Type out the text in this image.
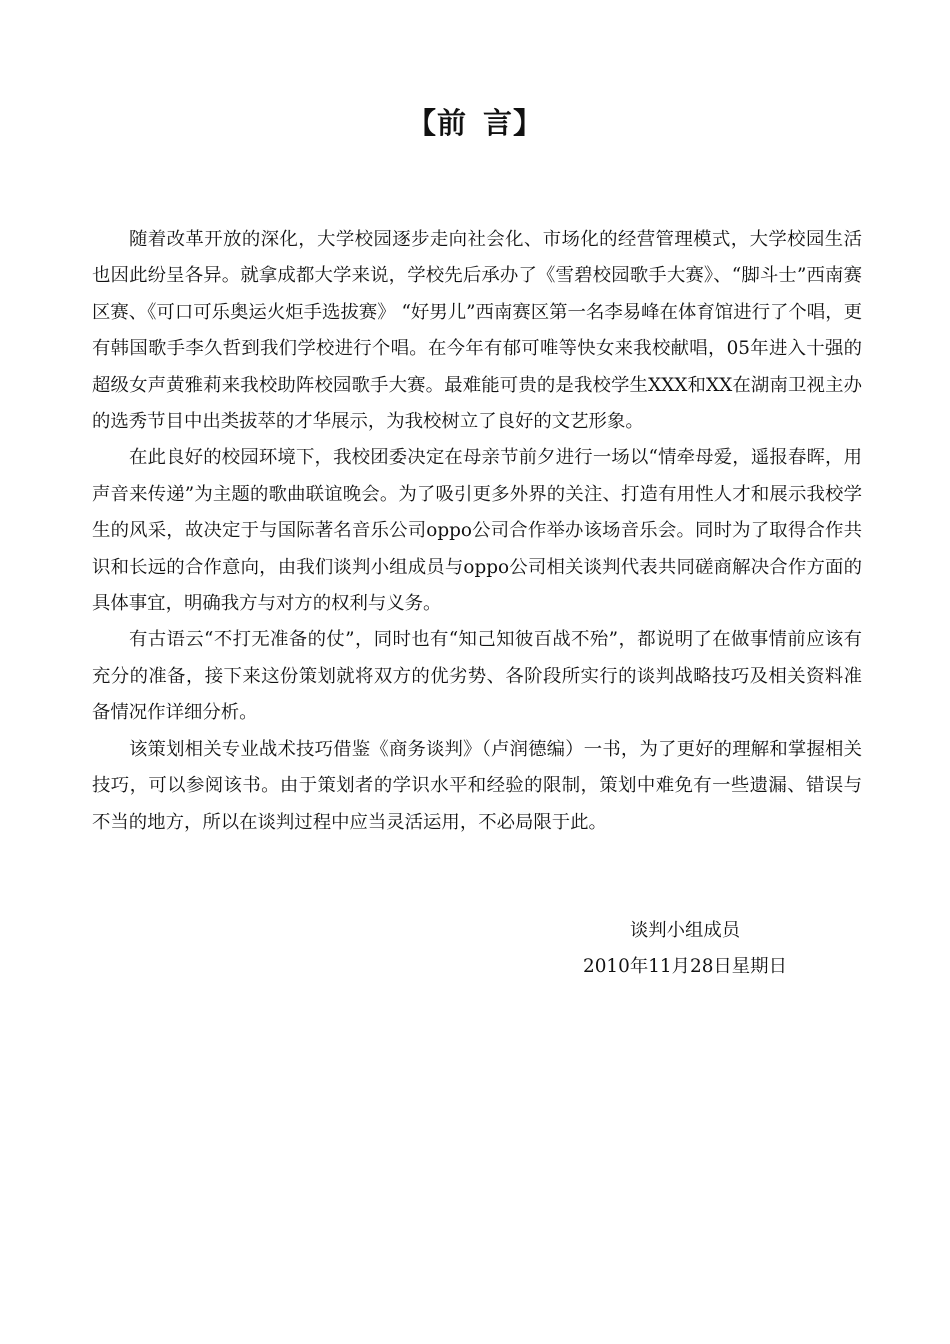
【前 言】

随着改革开放的深化，大学校园逐步走向社会化、市场化的经营管理模式，大学校园生活也因此纷呈各异。就拿成都大学来说，学校先后承办了《雪碧校园歌手大赛》、“脚斗士”西南赛区赛、《可口可乐奥运火炬手选拔赛》 “好男儿”西南赛区第一名李易峰在体育馆进行了个唱，更有韩国歌手李久哲到我们学校进行个唱。在今年有郁可唯等快女来我校献唱，05年进入十强的超级女声黄雅莉来我校助阵校园歌手大赛。最难能可贵的是我校学生XXX和XX在湖南卫视主办的选秀节目中出类拔萃的才华展示，为我校树立了良好的文艺形象。

在此良好的校园环境下，我校团委决定在母亲节前夕进行一场以“情牵母爱，遥报春晖，用声音来传递”为主题的歌曲联谊晚会。为了吸引更多外界的关注、打造有用性人才和展示我校学生的风采，故决定于与国际著名音乐公司oppo公司合作举办该场音乐会。同时为了取得合作共识和长远的合作意向，由我们谈判小组成员与oppo公司相关谈判代表共同磋商解决合作方面的具体事宜，明确我方与对方的权利与义务。

有古语云“不打无准备的仗”，同时也有“知己知彼百战不殆”，都说明了在做事情前应该有充分的准备，接下来这份策划就将双方的优劣势、各阶段所实行的谈判战略技巧及相关资料准备情况作详细分析。

该策划相关专业战术技巧借鉴《商务谈判》（卢润德编）一书，为了更好的理解和掌握相关技巧，可以参阅该书。由于策划者的学识水平和经验的限制，策划中难免有一些遗漏、错误与不当的地方，所以在谈判过程中应当灵活运用，不必局限于此。

谈判小组成员
2010年11月28日星期日
